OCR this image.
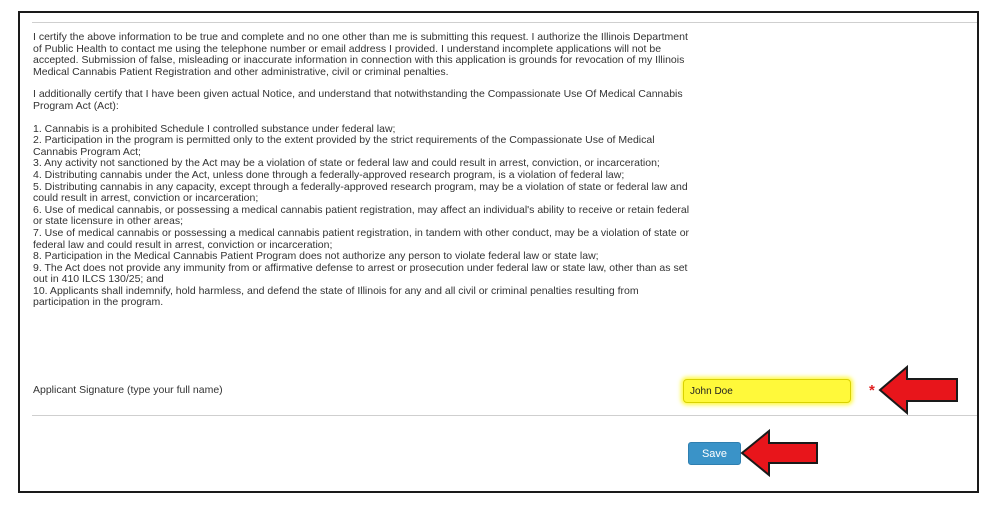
I certify the above information to be true and complete and no one other than me is submitting this request. I authorize the Illinois Department of Public Health to contact me using the telephone number or email address I provided. I understand incomplete applications will not be accepted. Submission of false, misleading or inaccurate information in connection with this application is grounds for revocation of my Illinois Medical Cannabis Patient Registration and other administrative, civil or criminal penalties.

I additionally certify that I have been given actual Notice, and understand that notwithstanding the Compassionate Use Of Medical Cannabis Program Act (Act):

1. Cannabis is a prohibited Schedule I controlled substance under federal law;
2. Participation in the program is permitted only to the extent provided by the strict requirements of the Compassionate Use of Medical Cannabis Program Act;
3. Any activity not sanctioned by the Act may be a violation of state or federal law and could result in arrest, conviction, or incarceration;
4. Distributing cannabis under the Act, unless done through a federally-approved research program, is a violation of federal law;
5. Distributing cannabis in any capacity, except through a federally-approved research program, may be a violation of state or federal law and could result in arrest, conviction or incarceration;
6. Use of medical cannabis, or possessing a medical cannabis patient registration, may affect an individual's ability to receive or retain federal or state licensure in other areas;
7. Use of medical cannabis or possessing a medical cannabis patient registration, in tandem with other conduct, may be a violation of state or federal law and could result in arrest, conviction or incarceration;
8. Participation in the Medical Cannabis Patient Program does not authorize any person to violate federal law or state law;
9. The Act does not provide any immunity from or affirmative defense to arrest or prosecution under federal law or state law, other than as set out in 410 ILCS 130/25; and
10. Applicants shall indemnify, hold harmless, and defend the state of Illinois for any and all civil or criminal penalties resulting from participation in the program.
Applicant Signature (type your full name)
John Doe	*
Save
